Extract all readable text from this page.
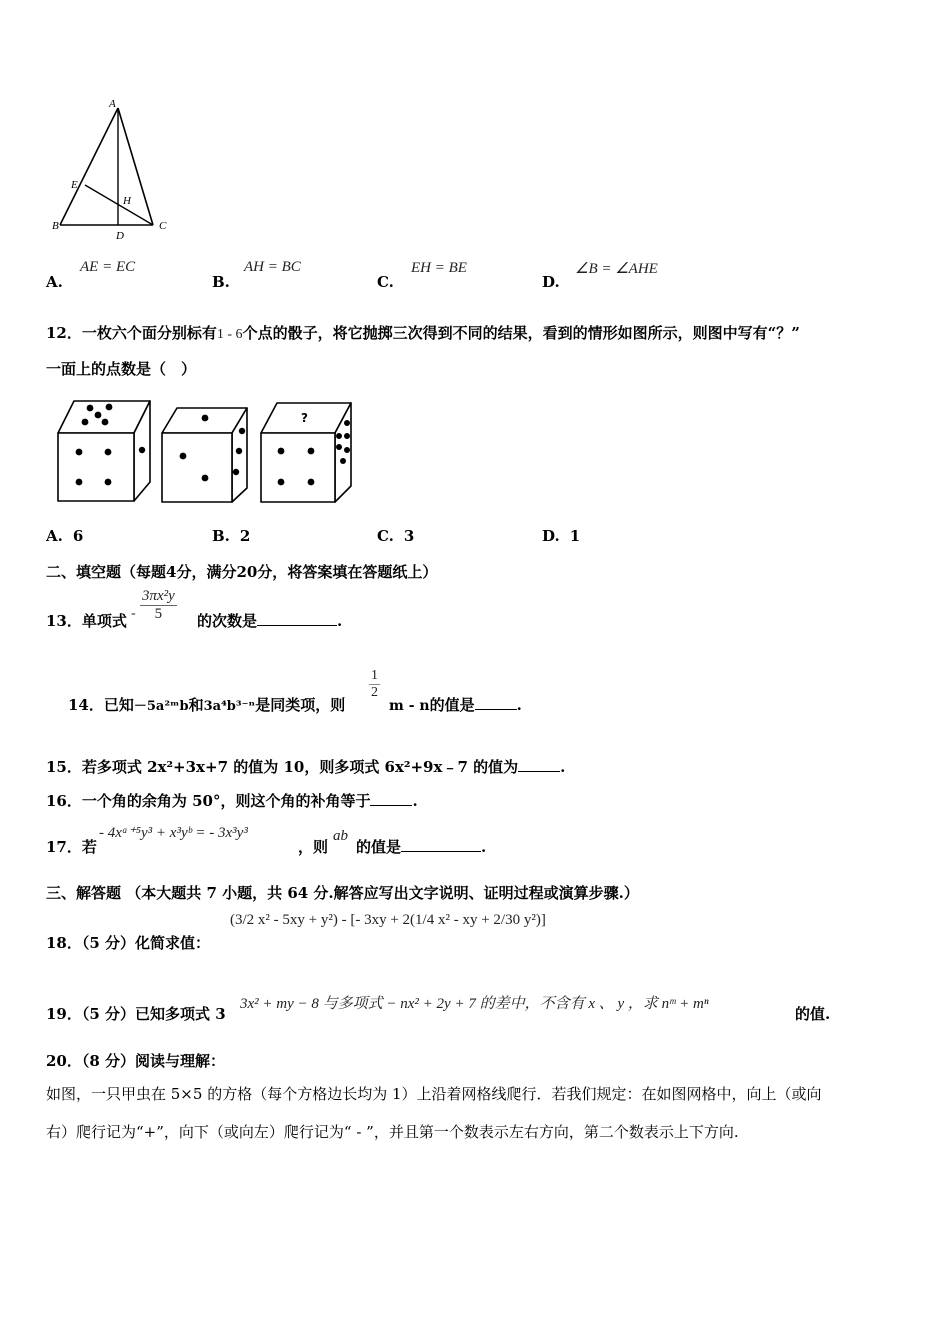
A
E
H
B
D
C
A.
AE = EC
B.
AH = BC
C.
EH = BE
D.
∠B = ∠AHE
12．一枚六个面分别标有1 - 6个点的骰子，将它抛掷三次得到不同的结果，看到的情形如图所示，则图中写有“？”
一面上的点数是（　）
?
A. 6	B. 2	C. 3	D. 1
二、填空题（每题4分，满分20分，将答案填在答题纸上）
13．单项式 - $\frac{\text{3πx²y}}{5}$ 的次数是	.
14．已知－5a²ᵐb和3a⁴b³⁻ⁿ是同类项，则
$\frac{1}{2}$
m - n的值是	.
15．若多项式 2x²+3x+7 的值为 10，则多项式 6x²+9x﹣7 的值为	.
16．一个角的余角为 50°，则这个角的补角等于	.
17．若
- 4xᵃ⁺⁵y³ + x³yᵇ = - 3x³y³
，则
ab
的值是	.
三、解答题 （本大题共 7 小题，共 64 分.解答应写出文字说明、证明过程或演算步骤.）
18．（5 分）化简求值：
(3/2 x² - 5xy + y²) - [- 3xy + 2(1/4 x² - xy + 2/30 y²)]
19．（5 分）已知多项式 3
3x² + my − 8 与多项式 − nx² + 2y + 7 的差中，不含有 x 、 y ，求 nᵐ + mⁿ
的值.
20．（8 分）阅读与理解：
如图，一只甲虫在 5×5 的方格（每个方格边长均为 1）上沿着网格线爬行．若我们规定：在如图网格中，向上（或向
右）爬行记为“+”，向下（或向左）爬行记为“ - ”，并且第一个数表示左右方向，第二个数表示上下方向.
